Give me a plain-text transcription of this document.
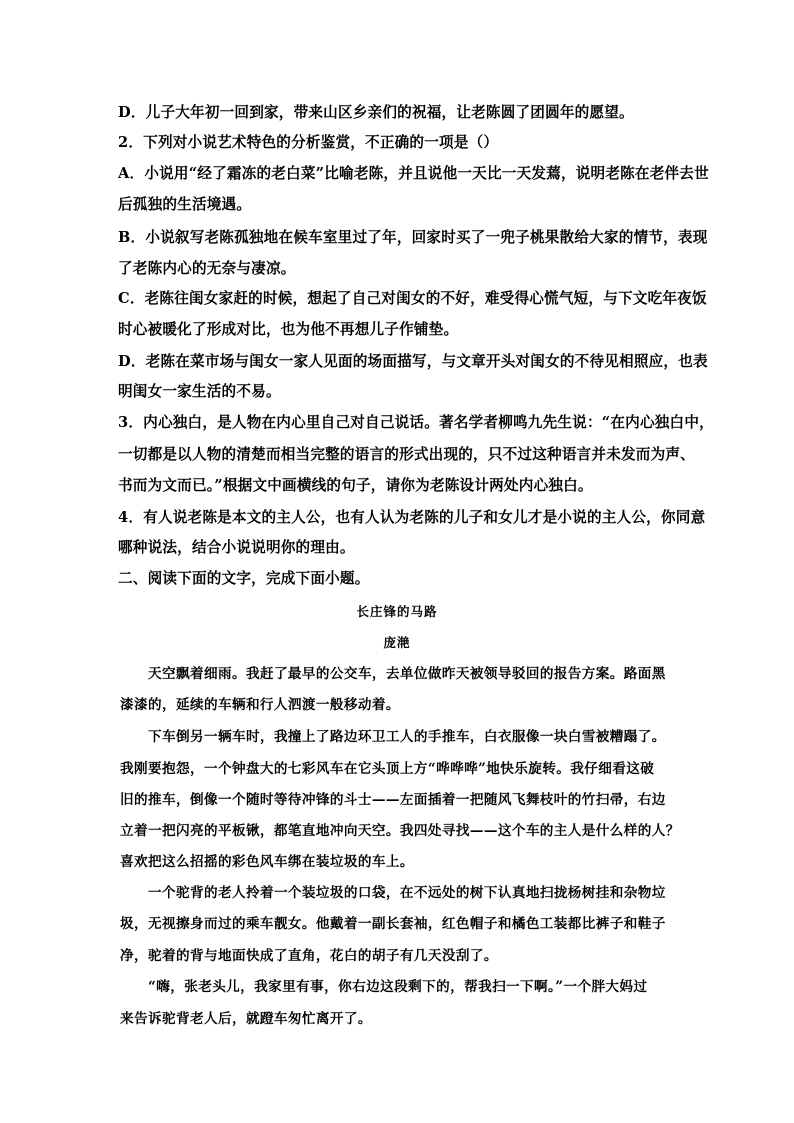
D．儿子大年初一回到家，带来山区乡亲们的祝福，让老陈圆了团圆年的愿望。
2．下列对小说艺术特色的分析鉴赏，不正确的一项是（）
A．小说用“经了霜冻的老白菜”比喻老陈，并且说他一天比一天发蔫，说明老陈在老伴去世
后孤独的生活境遇。
B．小说叙写老陈孤独地在候车室里过了年，回家时买了一兜子桃果散给大家的情节，表现
了老陈内心的无奈与凄凉。
C．老陈往闺女家赶的时候，想起了自己对闺女的不好，难受得心慌气短，与下文吃年夜饭
时心被暖化了形成对比，也为他不再想儿子作铺垫。
D．老陈在菜市场与闺女一家人见面的场面描写，与文章开头对闺女的不待见相照应，也表
明闺女一家生活的不易。
3．内心独白，是人物在内心里自己对自己说话。著名学者柳鸣九先生说：“在内心独白中，
一切都是以人物的清楚而相当完整的语言的形式出现的，只不过这种语言并未发而为声、
书而为文而已。”根据文中画横线的句子，请你为老陈设计两处内心独白。
4．有人说老陈是本文的主人公，也有人认为老陈的儿子和女儿才是小说的主人公，你同意
哪种说法，结合小说说明你的理由。
二、阅读下面的文字，完成下面小题。
长庄锋的马路
庞滟
天空飘着细雨。我赶了最早的公交车，去单位做昨天被领导驳回的报告方案。路面黑
漆漆的，延续的车辆和行人泗渡一般移动着。
下车倒另一辆车时，我撞上了路边环卫工人的手推车，白衣服像一块白雪被糟蹋了。
我刚要抱怨，一个钟盘大的七彩风车在它头顶上方“哗哗哗”地快乐旋转。我仔细看这破
旧的推车，倒像一个随时等待冲锋的斗士——左面插着一把随风飞舞枝叶的竹扫帚，右边
立着一把闪亮的平板锹，都笔直地冲向天空。我四处寻找——这个车的主人是什么样的人？
喜欢把这么招摇的彩色风车绑在装垃圾的车上。
一个驼背的老人拎着一个装垃圾的口袋，在不远处的树下认真地扫拢杨树挂和杂物垃
圾，无视擦身而过的乘车靓女。他戴着一副长套袖，红色帽子和橘色工装都比裤子和鞋子
净，驼着的背与地面快成了直角，花白的胡子有几天没刮了。
“嗨，张老头儿，我家里有事，你右边这段剩下的，帮我扫一下啊。”一个胖大妈过
来告诉驼背老人后，就蹬车匆忙离开了。
